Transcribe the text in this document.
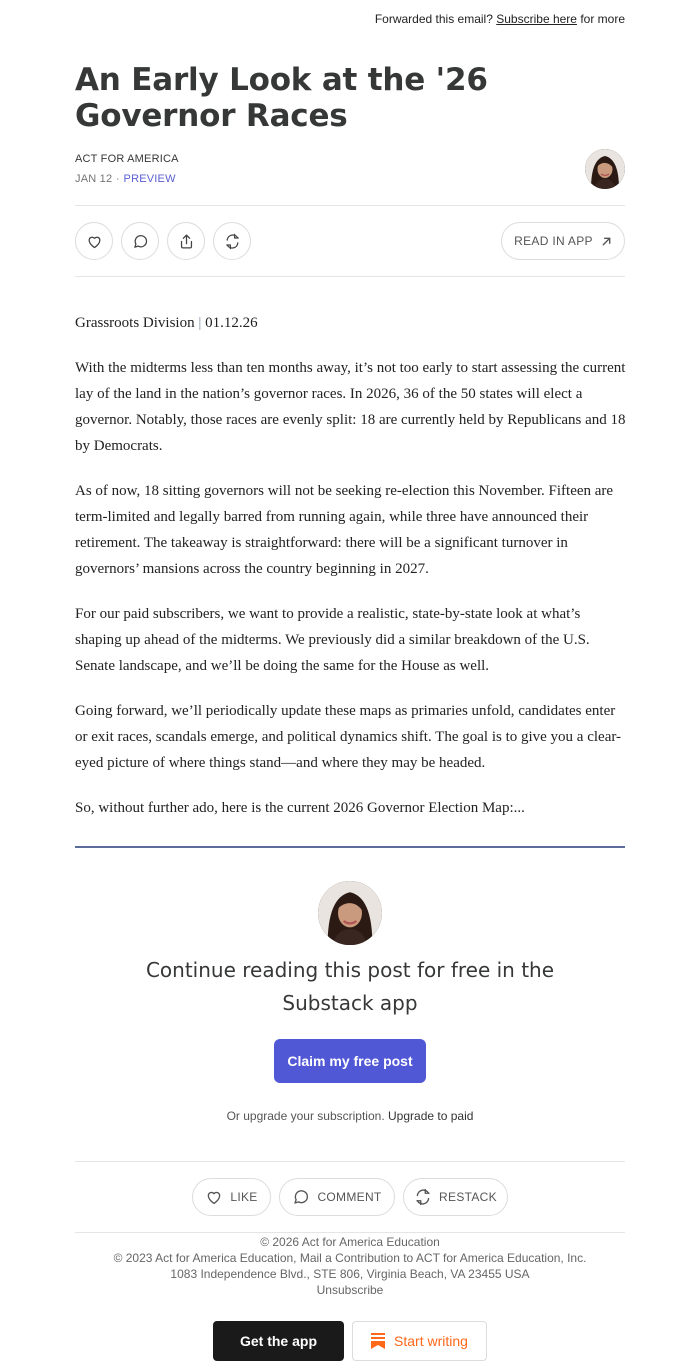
Forwarded this email? Subscribe here for more
An Early Look at the '26 Governor Races
ACT FOR AMERICA
JAN 12 ∙ PREVIEW
READ IN APP

Grassroots Division | 01.12.26

With the midterms less than ten months away, it’s not too early to start assessing the current lay of the land in the nation’s governor races. In 2026, 36 of the 50 states will elect a governor. Notably, those races are evenly split: 18 are currently held by Republicans and 18 by Democrats.

As of now, 18 sitting governors will not be seeking re-election this November. Fifteen are term-limited and legally barred from running again, while three have announced their retirement. The takeaway is straightforward: there will be a significant turnover in governors’ mansions across the country beginning in 2027.

For our paid subscribers, we want to provide a realistic, state-by-state look at what’s shaping up ahead of the midterms. We previously did a similar breakdown of the U.S. Senate landscape, and we’ll be doing the same for the House as well.

Going forward, we’ll periodically update these maps as primaries unfold, candidates enter or exit races, scandals emerge, and political dynamics shift. The goal is to give you a clear-eyed picture of where things stand—and where they may be headed.

So, without further ado, here is the current 2026 Governor Election Map:...

Continue reading this post for free in the Substack app
Claim my free post
Or upgrade your subscription. Upgrade to paid
LIKE	COMMENT	RESTACK
© 2026 Act for America Education
© 2023 Act for America Education, Mail a Contribution to ACT for America Education, Inc.
1083 Independence Blvd., STE 806, Virginia Beach, VA 23455 USA
Unsubscribe
Get the app	Start writing
